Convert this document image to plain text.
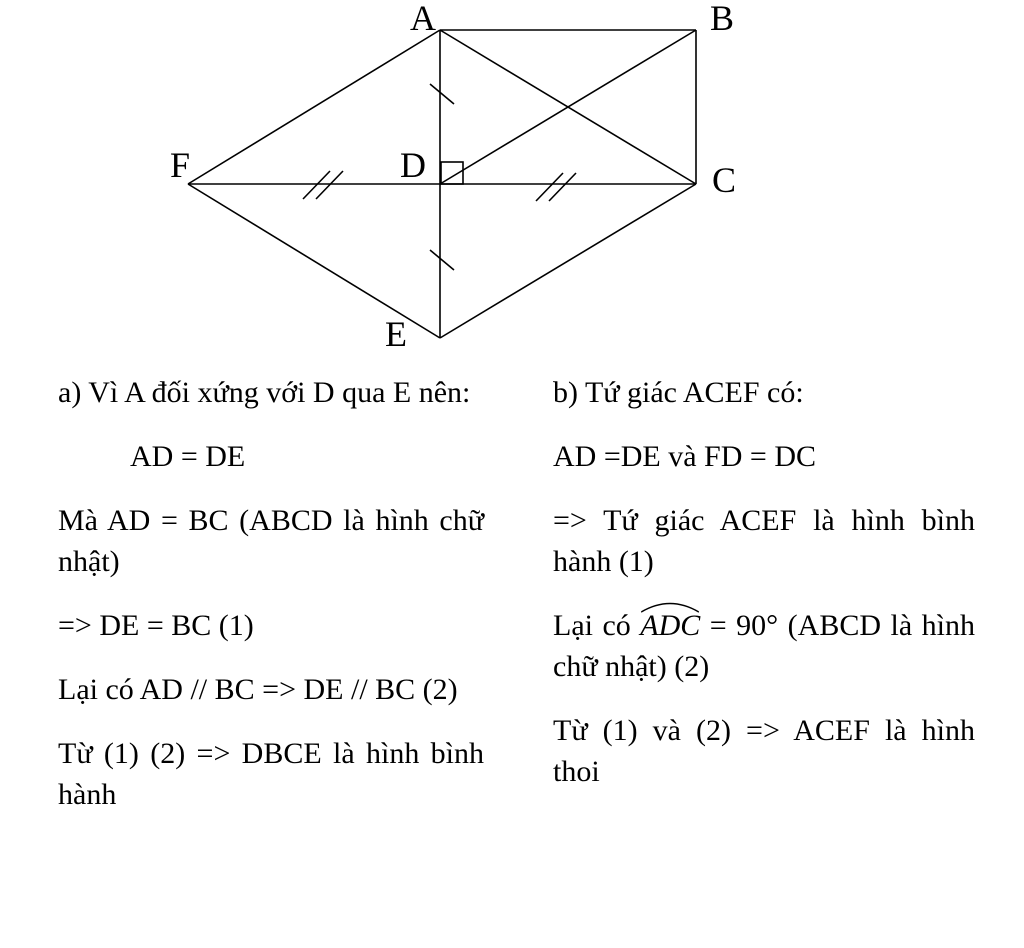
A	B
C
D
E
F

a) Vì A đối xứng với D qua E nên:

AD = DE

Mà AD = BC (ABCD là hình chữ nhật)

=> DE = BC (1)

Lại có AD // BC => DE // BC (2)

Từ (1) (2) => DBCE là hình bình hành

b) Tứ giác ACEF có:

AD =DE và FD = DC

=> Tứ giác ACEF là hình bình hành (1)

Lại có
ADC = 90° (ABCD là hình chữ nhật) (2)

Từ (1) và (2) => ACEF là hình thoi
